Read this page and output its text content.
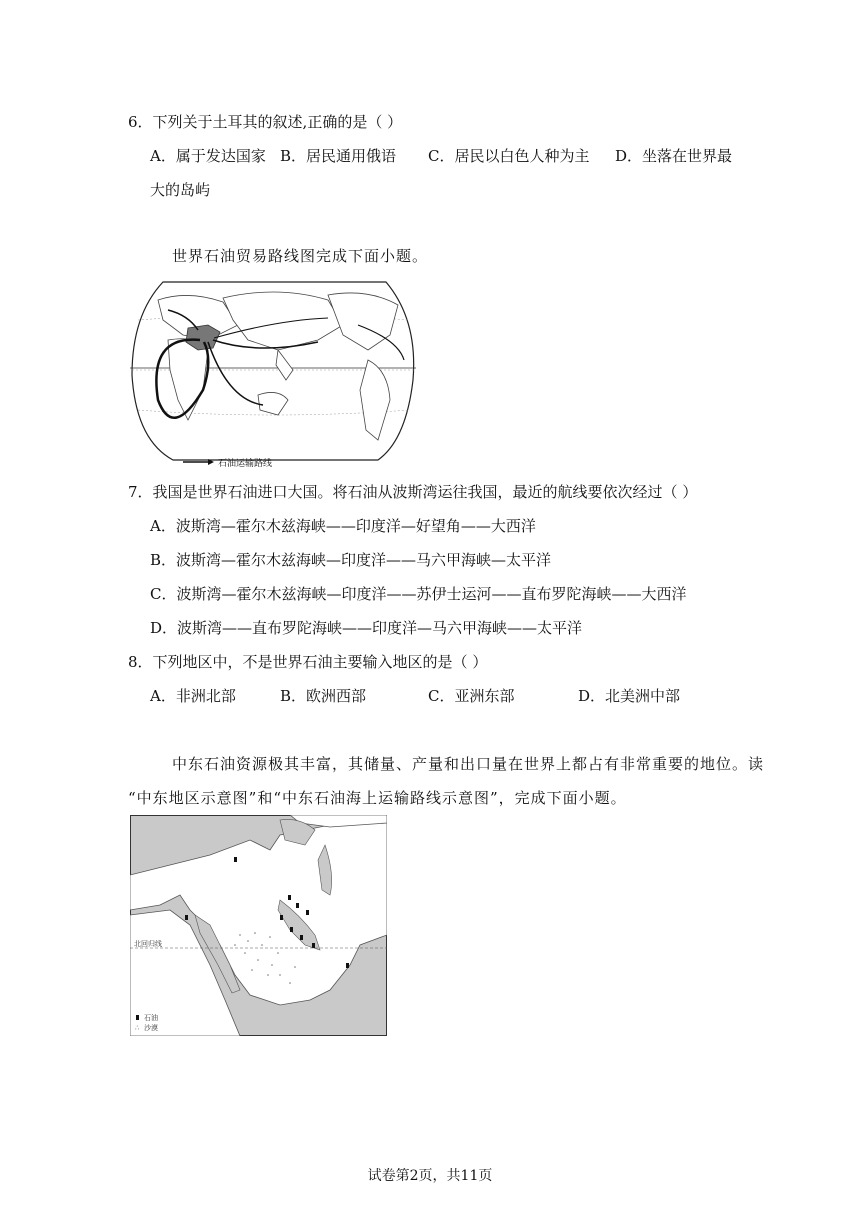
6．下列关于土耳其的叙述,正确的是（ ）
A．属于发达国家 B．居民通用俄语 C．居民以白色人种为主 D．坐落在世界最
大的岛屿
世界石油贸易路线图完成下面小题。
石油运输路线
7．我国是世界石油进口大国。将石油从波斯湾运往我国，最近的航线要依次经过（ ）
A．波斯湾—霍尔木兹海峡——印度洋—好望角——大西洋
B．波斯湾—霍尔木兹海峡—印度洋——马六甲海峡—太平洋
C．波斯湾—霍尔木兹海峡—印度洋——苏伊士运河——直布罗陀海峡——大西洋
D．波斯湾——直布罗陀海峡——印度洋—马六甲海峡——太平洋
8．下列地区中，不是世界石油主要输入地区的是（ ）
A．非洲北部	B．欧洲西部	C．亚洲东部	D．北美洲中部
中东石油资源极其丰富，其储量、产量和出口量在世界上都占有非常重要的地位。读
“中东地区示意图”和“中东石油海上运输路线示意图”，完成下面小题。
北回归线
石油
∴ 沙漠
试卷第2页，共11页
